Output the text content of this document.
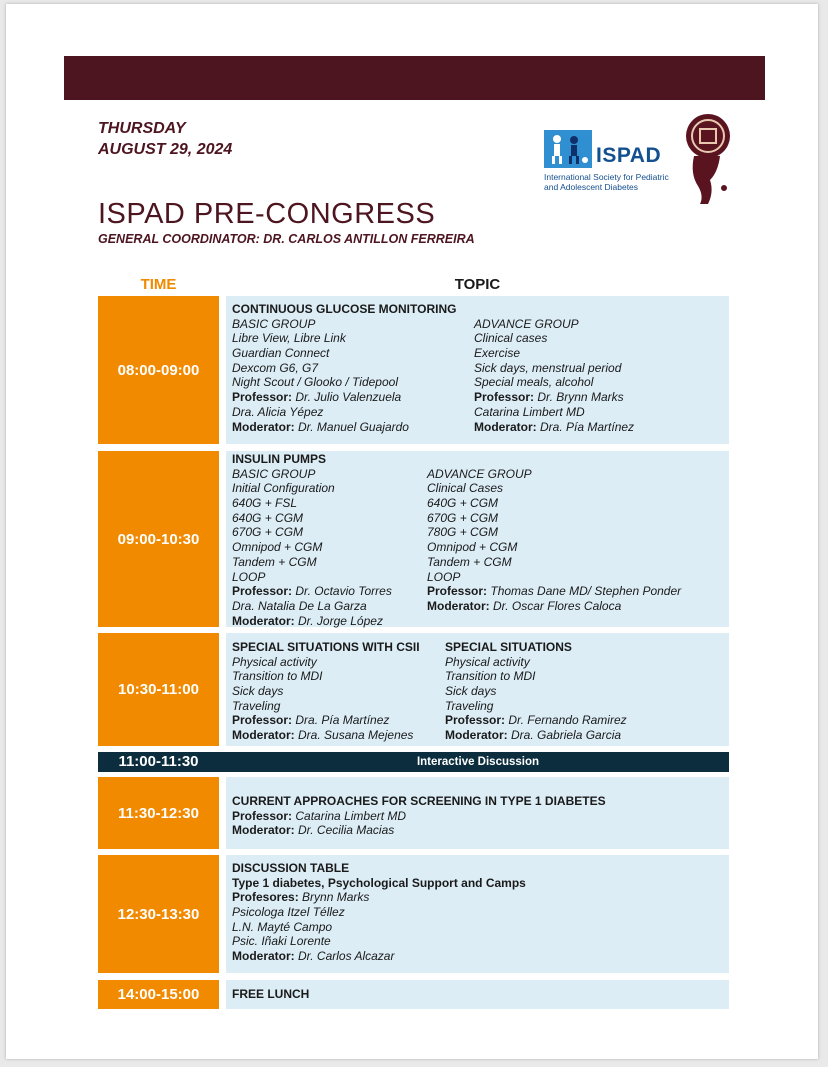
THURSDAY
AUGUST 29, 2024	ISPAD
International Society for Pediatric and Adolescent Diabetes
ISPAD PRE-CONGRESS
GENERAL COORDINATOR: DR. CARLOS ANTILLON FERREIRA
TIME	TOPIC
08:00-09:00
CONTINUOUS GLUCOSE MONITORING
BASIC GROUP
Libre View, Libre Link
Guardian Connect
Dexcom G6, G7
Night Scout / Glooko / Tidepool
Professor: Dr. Julio Valenzuela
Dra. Alicia Yépez
Moderator: Dr. Manuel Guajardo
ADVANCE GROUP
Clinical cases
Exercise
Sick days, menstrual period
Special meals, alcohol
Professor: Dr. Brynn Marks
Catarina Limbert MD
Moderator: Dra. Pía Martínez
09:00-10:30
INSULIN PUMPS
BASIC GROUP
Initial Configuration
640G + FSL
640G + CGM
670G + CGM
Omnipod + CGM
Tandem + CGM
LOOP
Professor: Dr. Octavio Torres
Dra. Natalia De La Garza
Moderator: Dr. Jorge López
ADVANCE GROUP
Clinical Cases
640G + CGM
670G + CGM
780G + CGM
Omnipod + CGM
Tandem + CGM
LOOP
Professor: Thomas Dane MD/ Stephen Ponder
Moderator: Dr. Oscar Flores Caloca
10:30-11:00
SPECIAL SITUATIONS WITH CSII
Physical activity
Transition to MDI
Sick days
Traveling
Professor: Dra. Pía Martínez
Moderator: Dra. Susana Mejenes
SPECIAL SITUATIONS
Physical activity
Transition to MDI
Sick days
Traveling
Professor: Dr. Fernando Ramirez
Moderator: Dra. Gabriela Garcia
11:00-11:30	Interactive Discussion
11:30-12:30
CURRENT APPROACHES FOR SCREENING IN TYPE 1 DIABETES
Professor: Catarina Limbert MD
Moderator: Dr. Cecilia Macias
12:30-13:30
DISCUSSION TABLE
Type 1 diabetes, Psychological Support and Camps
Profesores: Brynn Marks
Psicologa Itzel Téllez
L.N. Mayté Campo
Psic. Iñaki Lorente
Moderator: Dr. Carlos Alcazar
14:00-15:00	FREE LUNCH
